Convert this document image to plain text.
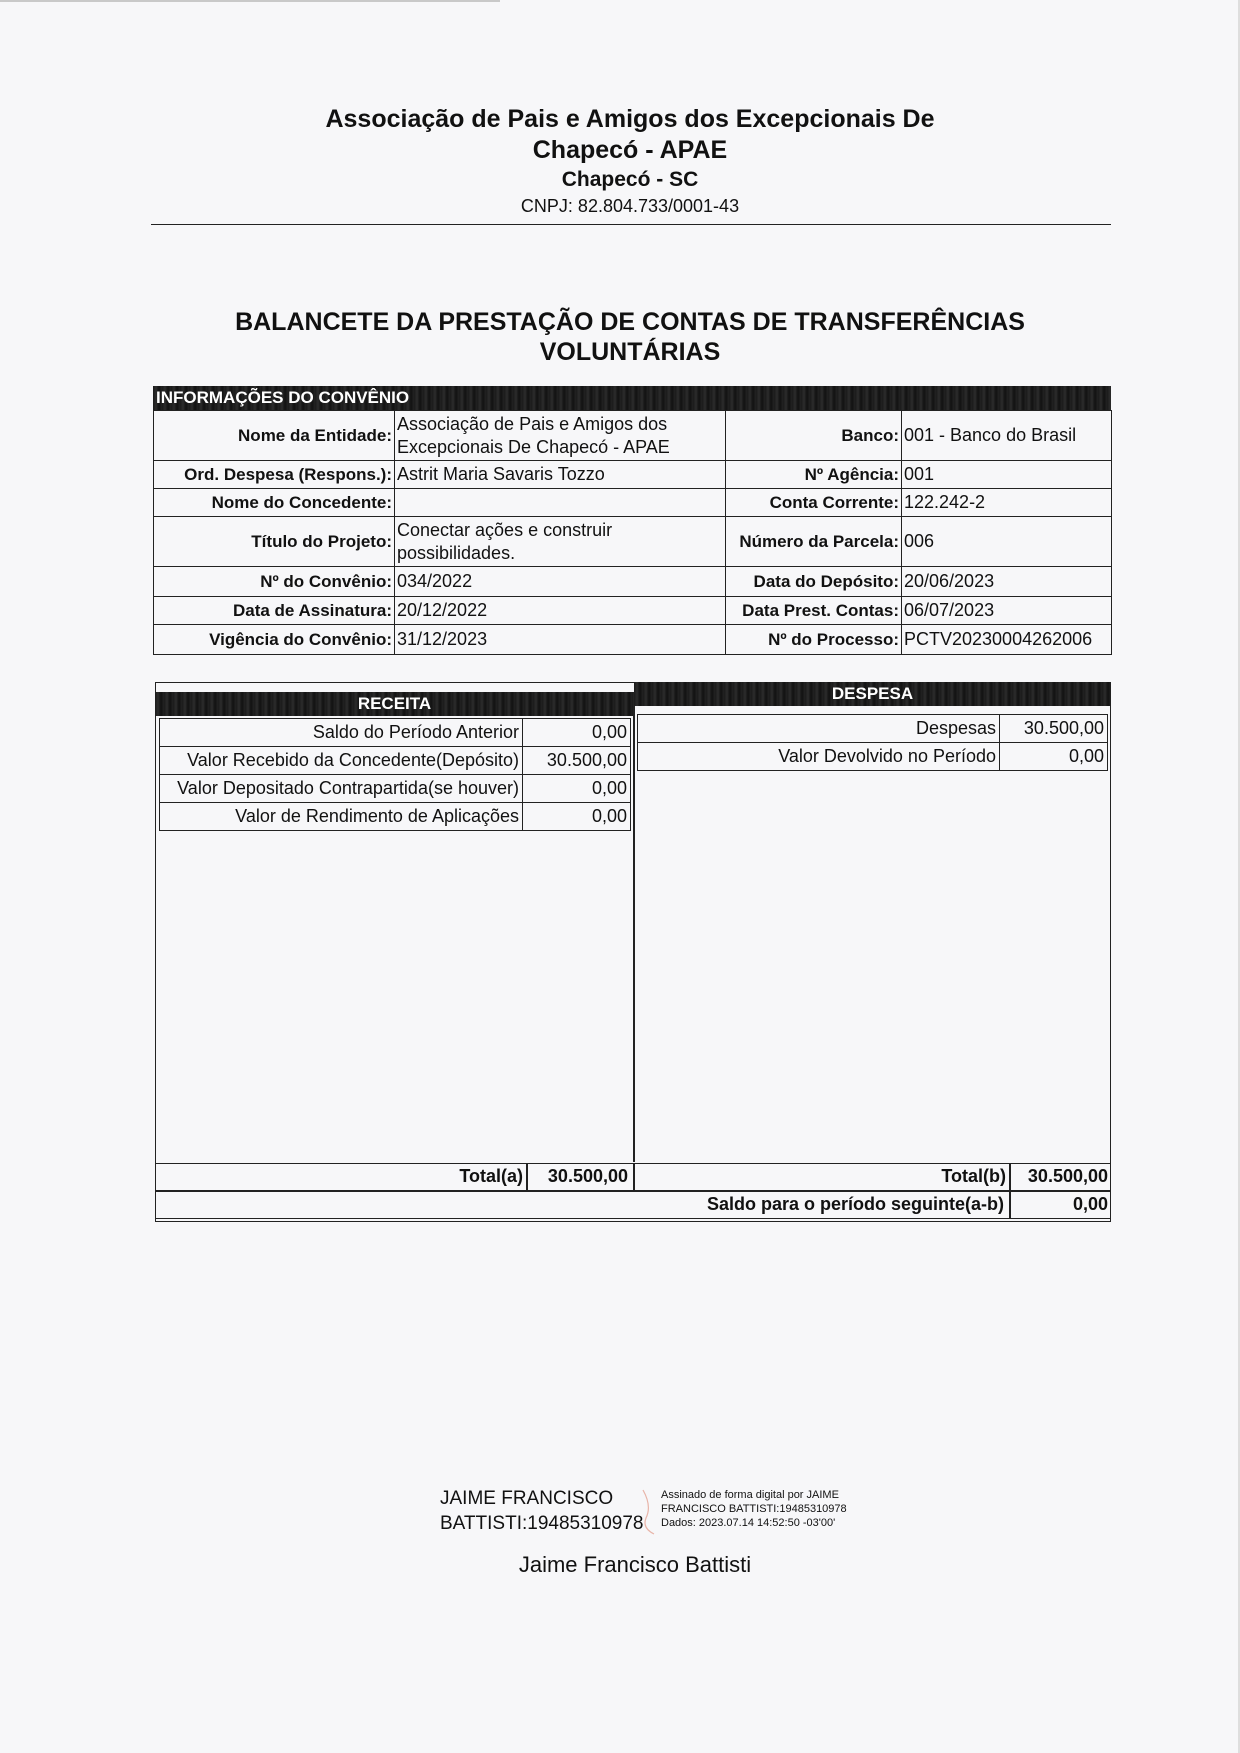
Associação de Pais e Amigos dos Excepcionais De
Chapecó - APAE
Chapecó - SC
CNPJ: 82.804.733/0001-43
BALANCETE DA PRESTAÇÃO DE CONTAS DE TRANSFERÊNCIAS
VOLUNTÁRIAS
INFORMAÇÕES DO CONVÊNIO
Nome da Entidade:	Associação de Pais e Amigos dos Excepcionais De Chapecó - APAE	Banco:	001 - Banco do Brasil
Ord. Despesa (Respons.):	Astrit Maria Savaris Tozzo	Nº Agência:	001
Nome do Concedente:		Conta Corrente:	122.242-2
Título do Projeto:	Conectar ações e construir possibilidades.	Número da Parcela:	006
Nº do Convênio:	034/2022	Data do Depósito:	20/06/2023
Data de Assinatura:	20/12/2022	Data Prest. Contas:	06/07/2023
Vigência do Convênio:	31/12/2023	Nº do Processo:	PCTV20230004262006
RECEITA
DESPESA
Saldo do Período Anterior	0,00
Valor Recebido da Concedente(Depósito)	30.500,00
Valor Depositado Contrapartida(se houver)	0,00
Valor de Rendimento de Aplicações	0,00
Despesas	30.500,00
Valor Devolvido no Período	0,00
Total(a)	30.500,00	Total(b)	30.500,00
Saldo para o período seguinte(a-b)	0,00
JAIME FRANCISCO
BATTISTI:19485310978
Assinado de forma digital por JAIME
FRANCISCO BATTISTI:19485310978
Dados: 2023.07.14 14:52:50 -03'00'
Jaime Francisco Battisti
